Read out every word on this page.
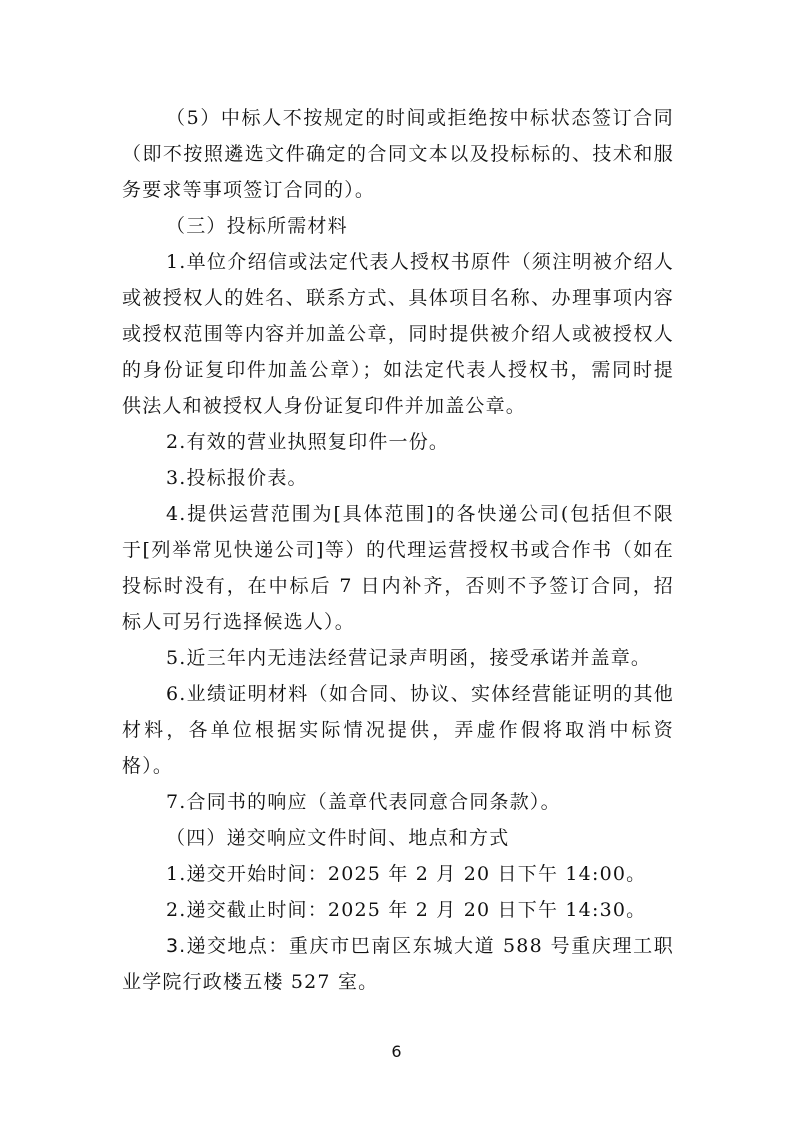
（5）中标人不按规定的时间或拒绝按中标状态签订合同（即不按照遴选文件确定的合同文本以及投标标的、技术和服务要求等事项签订合同的）。

（三）投标所需材料

1.单位介绍信或法定代表人授权书原件（须注明被介绍人或被授权人的姓名、联系方式、具体项目名称、办理事项内容或授权范围等内容并加盖公章，同时提供被介绍人或被授权人的身份证复印件加盖公章）；如法定代表人授权书，需同时提供法人和被授权人身份证复印件并加盖公章。

2.有效的营业执照复印件一份。

3.投标报价表。

4.提供运营范围为[具体范围]的各快递公司(包括但不限于[列举常见快递公司]等）的代理运营授权书或合作书（如在投标时没有，在中标后 7 日内补齐，否则不予签订合同，招标人可另行选择候选人）。

5.近三年内无违法经营记录声明函，接受承诺并盖章。

6.业绩证明材料（如合同、协议、实体经营能证明的其他材料，各单位根据实际情况提供，弄虚作假将取消中标资格）。

7.合同书的响应（盖章代表同意合同条款）。

（四）递交响应文件时间、地点和方式

1.递交开始时间：2025 年 2 月 20 日下午 14:00。

2.递交截止时间：2025 年 2 月 20 日下午 14:30。

3.递交地点：重庆市巴南区东城大道 588 号重庆理工职业学院行政楼五楼 527 室。

6
